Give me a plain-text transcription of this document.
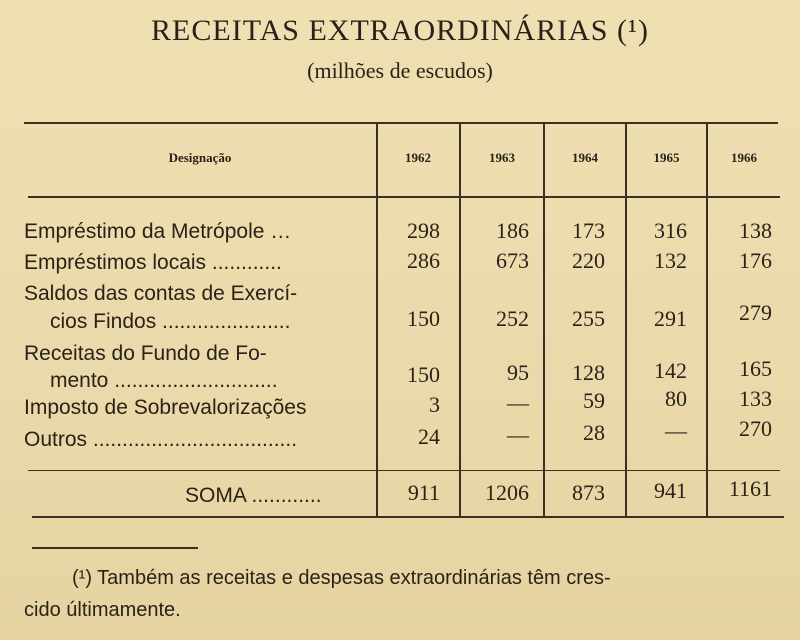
RECEITAS EXTRAORDINÁRIAS (¹)
(milhões de escudos)
Designação	1962	1963	1964	1965	1966
Empréstimo da Metrópole …	298	186	173	316	138
Empréstimos locais ............	286	673	220	132	176
Saldos das contas de Exercí-
cios Findos ......................	150	252	255	291	279
Receitas do Fundo de Fo-
mento ............................	150	95	128	142	165
Imposto de Sobrevalorizações	3	—	59	80	133
Outros ...................................	24	—	28	—	270
SOMA ............	911	1206	873	941	1161
(¹) Também as receitas e despesas extraordinárias têm cres-
cido últimamente.
